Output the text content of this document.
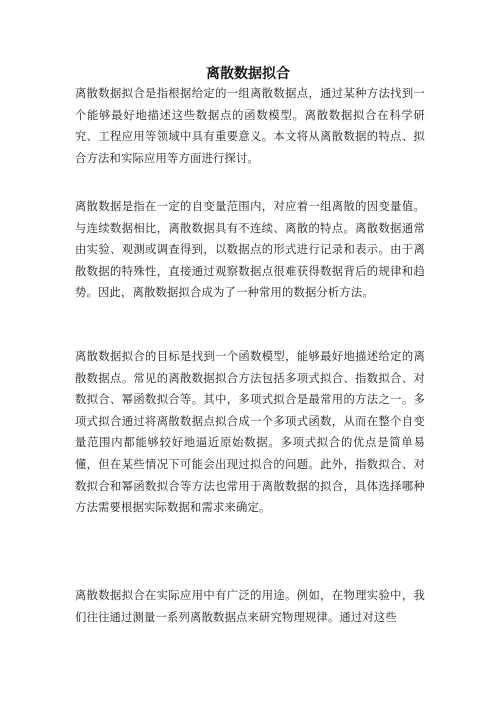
离散数据拟合

离散数据拟合是指根据给定的一组离散数据点，通过某种方法找到一个能够最好地描述这些数据点的函数模型。离散数据拟合在科学研究、工程应用等领域中具有重要意义。本文将从离散数据的特点、拟合方法和实际应用等方面进行探讨。

离散数据是指在一定的自变量范围内，对应着一组离散的因变量值。与连续数据相比，离散数据具有不连续、离散的特点。离散数据通常由实验、观测或调查得到，以数据点的形式进行记录和表示。由于离散数据的特殊性，直接通过观察数据点很难获得数据背后的规律和趋势。因此，离散数据拟合成为了一种常用的数据分析方法。

离散数据拟合的目标是找到一个函数模型，能够最好地描述给定的离散数据点。常见的离散数据拟合方法包括多项式拟合、指数拟合、对数拟合、幂函数拟合等。其中，多项式拟合是最常用的方法之一。多项式拟合通过将离散数据点拟合成一个多项式函数，从而在整个自变量范围内都能够较好地逼近原始数据。多项式拟合的优点是简单易懂，但在某些情况下可能会出现过拟合的问题。此外，指数拟合、对数拟合和幂函数拟合等方法也常用于离散数据的拟合，具体选择哪种方法需要根据实际数据和需求来确定。

离散数据拟合在实际应用中有广泛的用途。例如，在物理实验中，我们往往通过测量一系列离散数据点来研究物理规律。通过对这些
